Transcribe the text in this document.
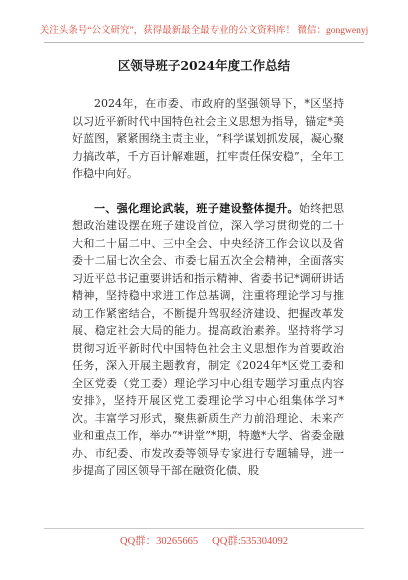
关注头条号“公文研究”，获得最新最全最专业的公文资料库！ 微信：gongwenyj
区领导班子2024年度工作总结

2024年，在市委、市政府的坚强领导下，*区坚持以习近平新时代中国特色社会主义思想为指导，锚定*美好蓝图，紧紧围绕主责主业，“科学谋划抓发展，凝心聚力搞改革，千方百计解难题，扛牢责任保安稳”，全年工作稳中向好。

一、强化理论武装，班子建设整体提升。始终把思想政治建设摆在班子建设首位，深入学习贯彻党的二十大和二十届二中、三中全会、中央经济工作会议以及省委十二届七次全会、市委七届五次全会精神，全面落实习近平总书记重要讲话和指示精神、省委书记*调研讲话精神，坚持稳中求进工作总基调，注重将理论学习与推动工作紧密结合，不断提升驾驭经济建设、把握改革发展、稳定社会大局的能力。提高政治素养。坚持将学习贯彻习近平新时代中国特色社会主义思想作为首要政治任务，深入开展主题教育，制定《2024年*区党工委和全区党委（党工委）理论学习中心组专题学习重点内容安排》，坚持开展区党工委理论学习中心组集体学习*次。丰富学习形式，聚焦新质生产力前沿理论、未来产业和重点工作，举办“*讲堂”*期，特邀*大学、省委金融办、市纪委、市发改委等领导专家进行专题辅导，进一步提高了园区领导干部在融资化债、股

QQ群：30265665 QQ群:535304092
